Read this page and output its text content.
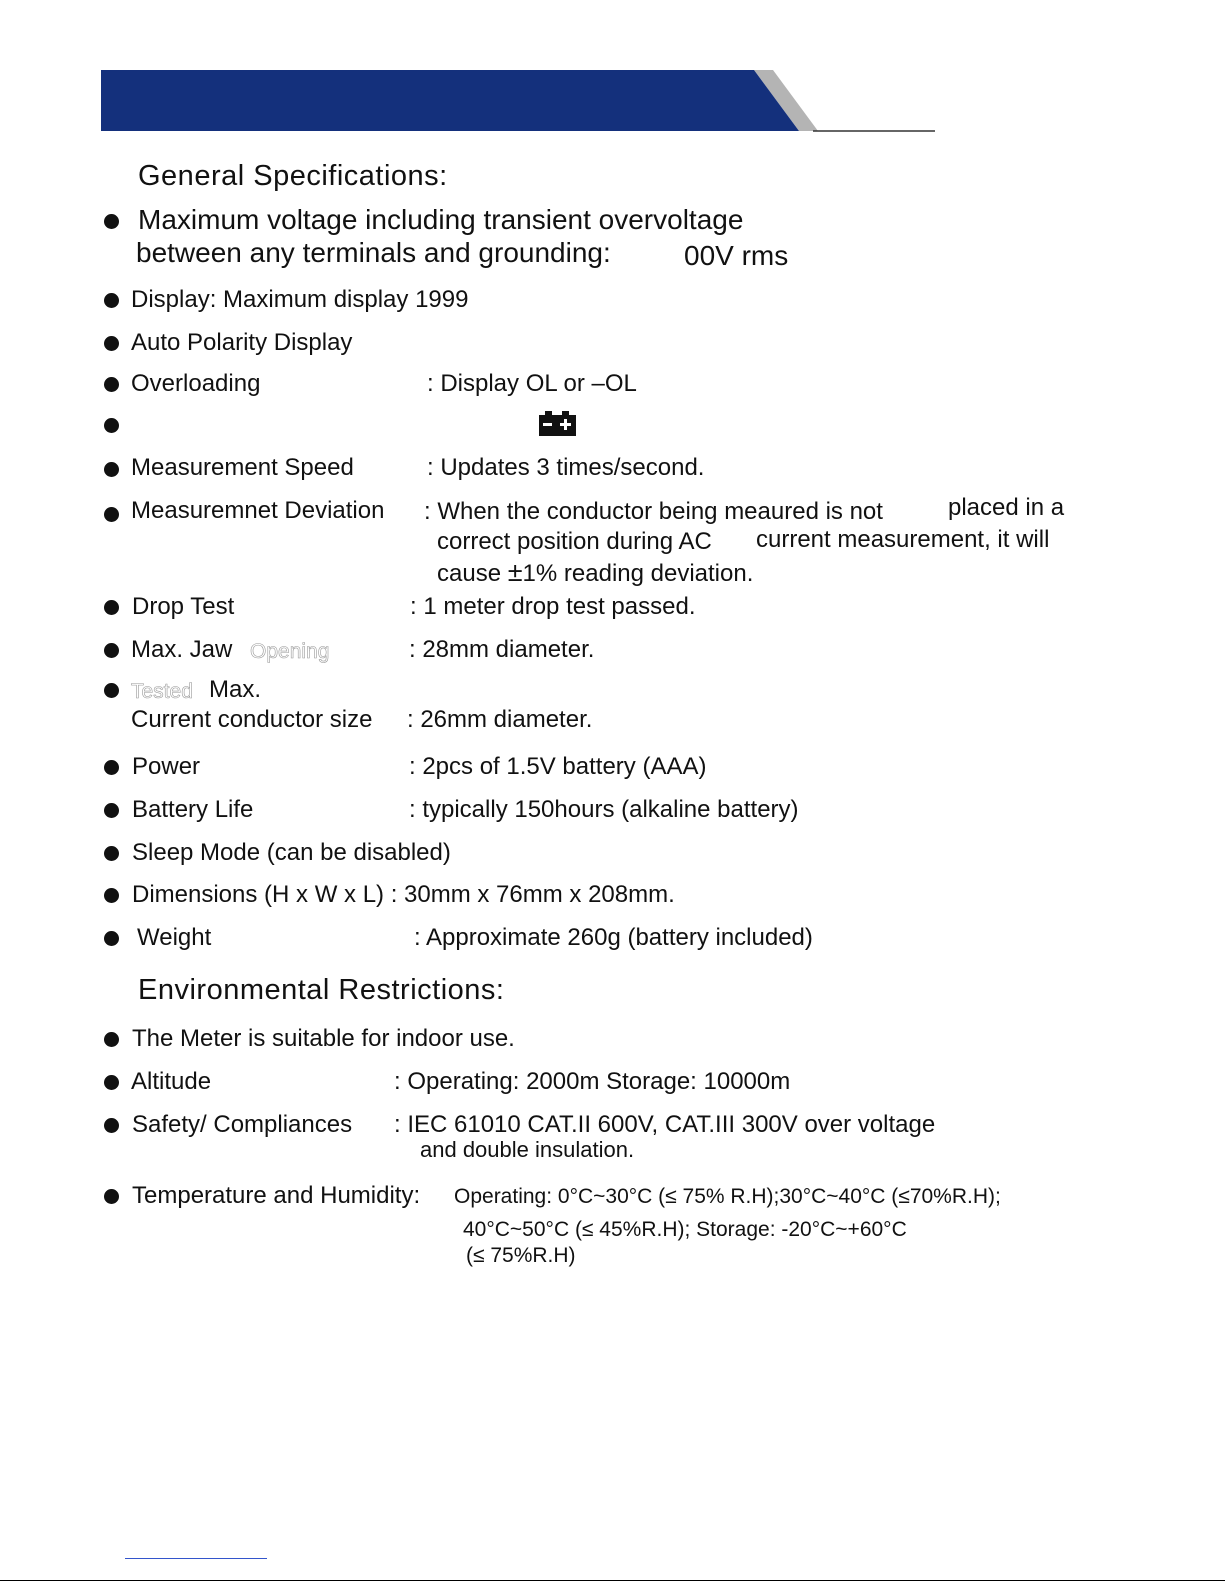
General Specifications:
Maximum voltage including transient overvoltage
between any terminals and grounding:	00V rms
Display: Maximum display 1999
Auto Polarity Display
Overloading	: Display OL or –OL
Measurement Speed	: Updates 3 times/second.
Measuremnet Deviation : When the conductor being meaured is not	placed in a
correct position during AC current measurement, it will
cause ±1% reading deviation.
Drop Test	: 1 meter drop test passed.
Max. Jaw Opening	: 28mm diameter.
Tested Max.
Current conductor size : 26mm diameter.
Power	: 2pcs of 1.5V battery (AAA)
Battery Life	: typically 150hours (alkaline battery)
Sleep Mode (can be disabled)
Dimensions (H x W x L) : 30mm x 76mm x 208mm.
Weight	: Approximate 260g (battery included)
Environmental Restrictions:
The Meter is suitable for indoor use.
Altitude	: Operating: 2000m Storage: 10000m
Safety/ Compliances : IEC 61010 CAT.II 600V, CAT.III 300V over voltage
and double insulation.
Temperature and Humidity: Operating: 0°C~30°C (≤ 75% R.H);30°C~40°C (≤70%R.H);
40°C~50°C (≤ 45%R.H); Storage: -20°C~+60°C
(≤ 75%R.H)
